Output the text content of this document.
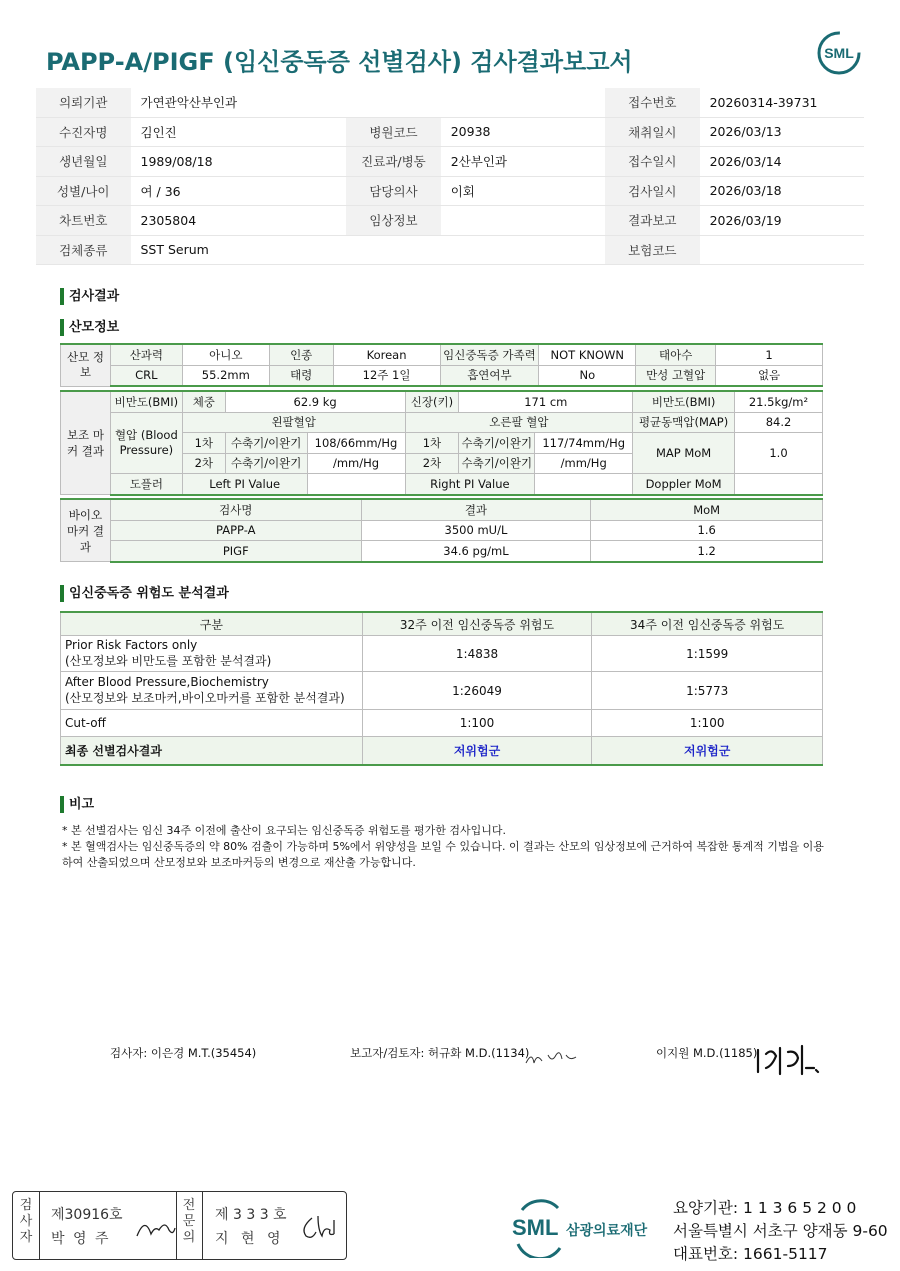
PAPP-A/PIGF (임신중독증 선별검사) 검사결과보고서	SML
의뢰기관	가연관악산부인과			접수번호	20260314-39731
수진자명	김인진	병원코드	20938	채취일시	2026/03/13
생년월일	1989/08/18	진료과/병동	2산부인과	접수일시	2026/03/14
성별/나이	여 / 36	담당의사	이회	검사일시	2026/03/18
차트번호	2305804	임상정보		결과보고	2026/03/19
검체종류	SST Serum			보험코드	
검사결과
산모정보
산모 정보	산과력	아니오	인종	Korean	임신중독증 가족력	NOT KNOWN	태아수	1
	CRL	55.2mm	태령	12주 1일	흡연여부	No	만성 고혈압	없음
보조 마커 결과	비만도(BMI)	체중	62.9 kg		신장(키)	171 cm		비만도(BMI)	21.5kg/m²
	혈압 (Blood Pressure)	왼팔혈압			오른팔 혈압			평균동맥압(MAP)	84.2
		1차	수축기/이완기	108/66mm/Hg	1차	수축기/이완기	117/74mm/Hg	MAP MoM	1.0
		2차	수축기/이완기	/mm/Hg	2차	수축기/이완기	/mm/Hg		
	도플러	Left PI Value			Right PI Value			Doppler MoM	
바이오 마커 결과	검사명	결과	MoM
	PAPP-A	3500 mU/L	1.6
	PIGF	34.6 pg/mL	1.2
임신중독증 위험도 분석결과
구분	32주 이전 임신중독증 위험도	34주 이전 임신중독증 위험도

Prior Risk Factors only
(산모정보와 비만도를 포함한 분석결과)	1:4838	1:1599

After Blood Pressure,Biochemistry
(산모정보와 보조마커,바이오마커를 포함한 분석결과)	1:26049	1:5773
Cut-off	1:100	1:100
최종 선별검사결과	저위험군	저위험군
비고
* 본 선별검사는 임신 34주 이전에 출산이 요구되는 임신중독증 위험도를 평가한 검사입니다.
* 본 혈액검사는 임신중독증의 약 80% 검출이 가능하며 5%에서 위양성을 보일 수 있습니다. 이 결과는 산모의 임상정보에 근거하여 복잡한 통계적 기법을 이용하여 산출되었으며 산모정보와 보조마커등의 변경으로 재산출 가능합니다.
검사자: 이은경 M.T.(35454)	보고자/검토자: 허규화 M.D.(1134)	이지원 M.D.(1185)
검사자
제30916호
박 영 주
전문의
제 3 3 3 호
지 현 영	SML 삼광의료재단
요양기관: 1 1 3 6 5 2 0 0
서울특별시 서초구 양재동 9-60
대표번호: 1661-5117
